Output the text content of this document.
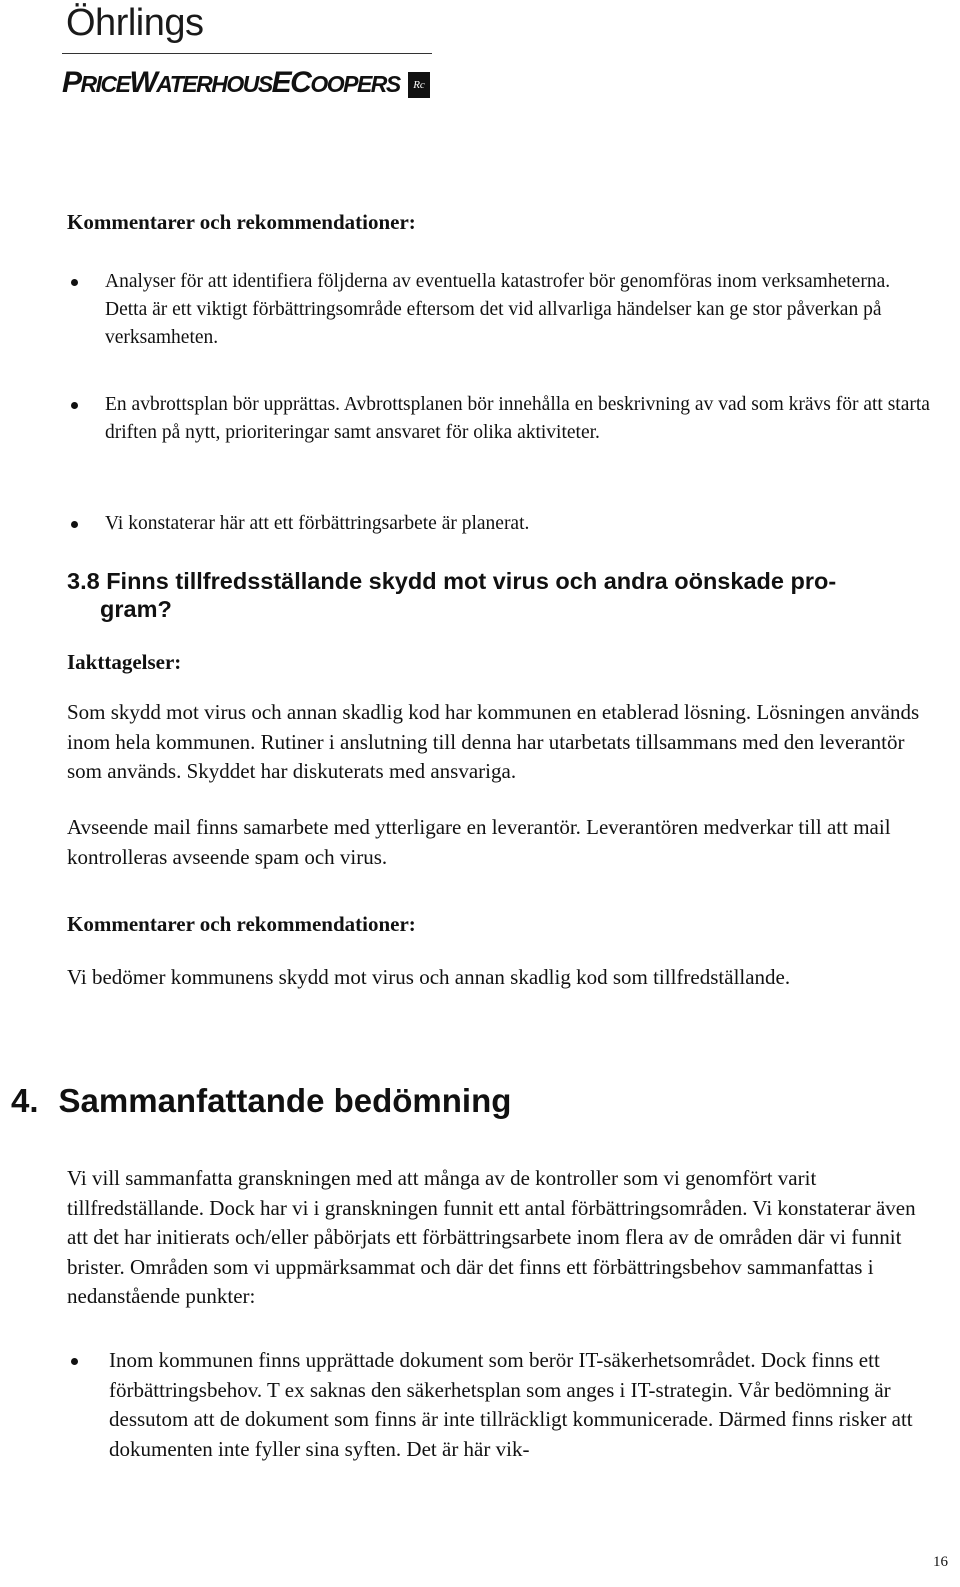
Öhrlings
PRICEWATERHOUSECOOPERS	Rc
Kommentarer och rekommendationer:
Analyser för att identifiera följderna av eventuella katastrofer bör genomföras inom verksamheterna. Detta är ett viktigt förbättringsområde eftersom det vid allvarliga händelser kan ge stor påverkan på verksamheten.
En avbrottsplan bör upprättas. Avbrottsplanen bör innehålla en beskrivning av vad som krävs för att starta driften på nytt, prioriteringar samt ansvaret för olika aktiviteter.
Vi konstaterar här att ett förbättringsarbete är planerat.
3.8 Finns tillfredsställande skydd mot virus och andra oönskade pro-
gram?
Iakttagelser:
Som skydd mot virus och annan skadlig kod har kommunen en etablerad lösning. Lösningen används inom hela kommunen. Rutiner i anslutning till denna har utarbetats tillsammans med den leverantör som används. Skyddet har diskuterats med ansvariga.
Avseende mail finns samarbete med ytterligare en leverantör. Leverantören medverkar till att mail kontrolleras avseende spam och virus.
Kommentarer och rekommendationer:
Vi bedömer kommunens skydd mot virus och annan skadlig kod som tillfredställande.
4. Sammanfattande bedömning
Vi vill sammanfatta granskningen med att många av de kontroller som vi genomfört varit tillfredställande. Dock har vi i granskningen funnit ett antal förbättringsområden. Vi konstaterar även att det har initierats och/eller påbörjats ett förbättringsarbete inom flera av de områden där vi funnit brister. Områden som vi uppmärksammat och där det finns ett förbättringsbehov sammanfattas i nedanstående punkter:
Inom kommunen finns upprättade dokument som berör IT-säkerhetsområdet. Dock finns ett förbättringsbehov. T ex saknas den säkerhetsplan som anges i IT-strategin. Vår bedömning är dessutom att de dokument som finns är inte tillräckligt kommunicerade. Därmed finns risker att dokumenten inte fyller sina syften. Det är här vik-
16
